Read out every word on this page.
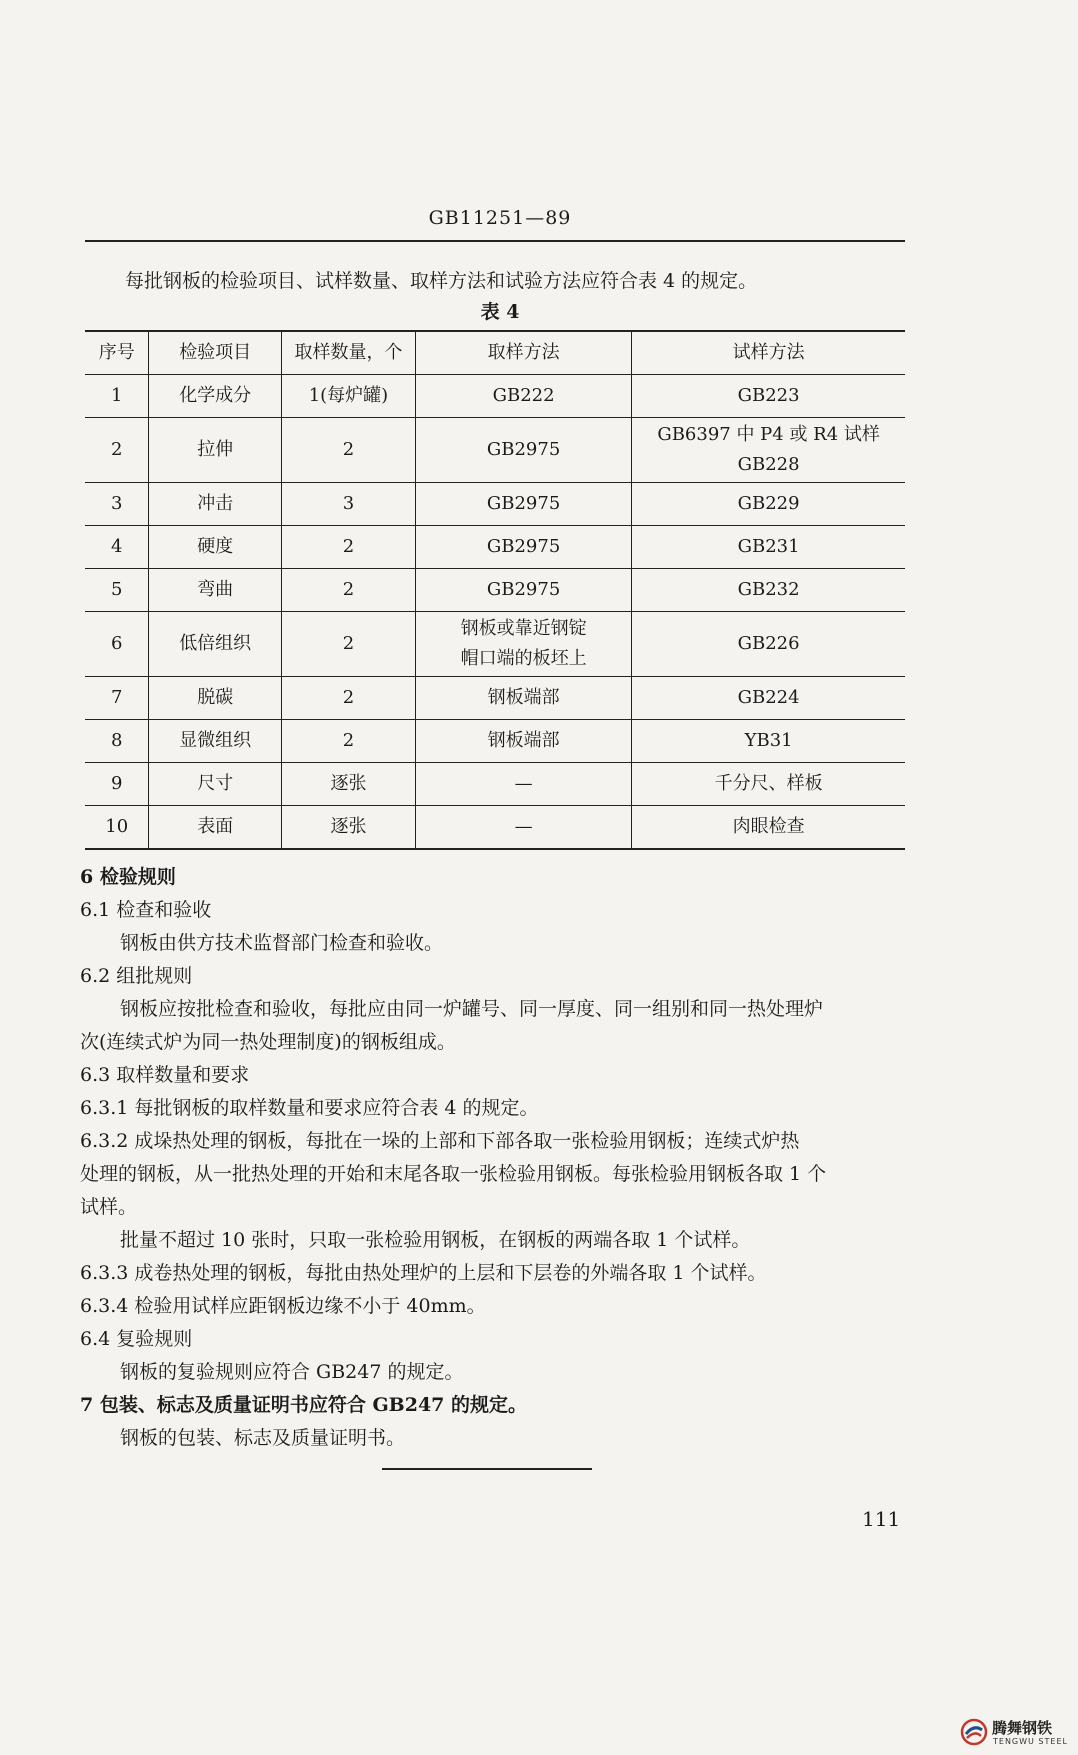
GB11251—89
每批钢板的检验项目、试样数量、取样方法和试验方法应符合表 4 的规定。
表 4
序号	检验项目	取样数量，个	取样方法	试样方法
1	化学成分	1(每炉罐)	GB222	GB223
2	拉伸	2	GB2975	GB6397 中 P4 或 R4 试样
GB228

3	冲击	3	GB2975	GB229
4	硬度	2	GB2975	GB231
5	弯曲	2	GB2975	GB232
6	低倍组织	2	钢板或靠近钢锭
帽口端的板坯上	GB226
7	脱碳	2	钢板端部	GB224
8	显微组织	2	钢板端部	YB31
9	尺寸	逐张	—	千分尺、样板
10	表面	逐张	—	肉眼检查
6 检验规则
6.1 检查和验收
钢板由供方技术监督部门检查和验收。
6.2 组批规则
钢板应按批检查和验收，每批应由同一炉罐号、同一厚度、同一组别和同一热处理炉
次(连续式炉为同一热处理制度)的钢板组成。
6.3 取样数量和要求
6.3.1 每批钢板的取样数量和要求应符合表 4 的规定。
6.3.2 成垛热处理的钢板，每批在一垛的上部和下部各取一张检验用钢板；连续式炉热
处理的钢板，从一批热处理的开始和末尾各取一张检验用钢板。每张检验用钢板各取 1 个
试样。
批量不超过 10 张时，只取一张检验用钢板，在钢板的两端各取 1 个试样。
6.3.3 成卷热处理的钢板，每批由热处理炉的上层和下层卷的外端各取 1 个试样。
6.3.4 检验用试样应距钢板边缘不小于 40mm。
6.4 复验规则
钢板的复验规则应符合 GB247 的规定。
7 包装、标志及质量证明书应符合 GB247 的规定。
钢板的包装、标志及质量证明书。
111
腾舞钢铁
TENGWU STEEL
